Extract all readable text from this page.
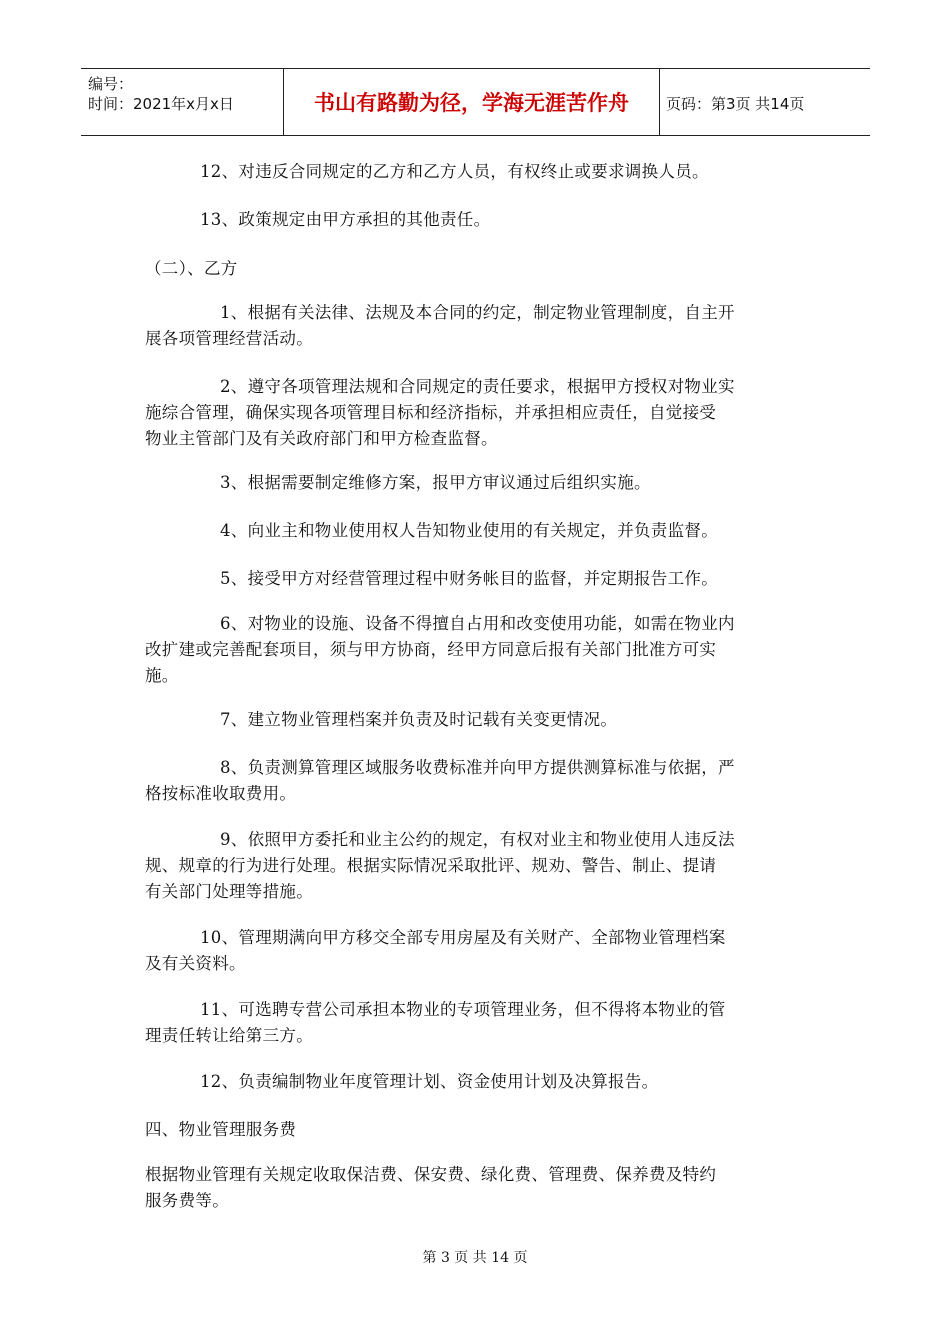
编号：
时间：2021年x月x日	书山有路勤为径，学海无涯苦作舟	页码：第3页 共14页
12、对违反合同规定的乙方和乙方人员，有权终止或要求调换人员。
13、政策规定由甲方承担的其他责任。
（二）、乙方
1、根据有关法律、法规及本合同的约定，制定物业管理制度，自主开
展各项管理经营活动。
2、遵守各项管理法规和合同规定的责任要求，根据甲方授权对物业实
施综合管理，确保实现各项管理目标和经济指标，并承担相应责任，自觉接受
物业主管部门及有关政府部门和甲方检查监督。
3、根据需要制定维修方案，报甲方审议通过后组织实施。
4、向业主和物业使用权人告知物业使用的有关规定，并负责监督。
5、接受甲方对经营管理过程中财务帐目的监督，并定期报告工作。
6、对物业的设施、设备不得擅自占用和改变使用功能，如需在物业内
改扩建或完善配套项目，须与甲方协商，经甲方同意后报有关部门批准方可实
施。
7、建立物业管理档案并负责及时记载有关变更情况。
8、负责测算管理区域服务收费标准并向甲方提供测算标准与依据，严
格按标准收取费用。
9、依照甲方委托和业主公约的规定，有权对业主和物业使用人违反法
规、规章的行为进行处理。根据实际情况采取批评、规劝、警告、制止、提请
有关部门处理等措施。
10、管理期满向甲方移交全部专用房屋及有关财产、全部物业管理档案
及有关资料。
11、可选聘专营公司承担本物业的专项管理业务，但不得将本物业的管
理责任转让给第三方。
12、负责编制物业年度管理计划、资金使用计划及决算报告。
四、物业管理服务费
根据物业管理有关规定收取保洁费、保安费、绿化费、管理费、保养费及特约
服务费等。
第 3 页 共 14 页
